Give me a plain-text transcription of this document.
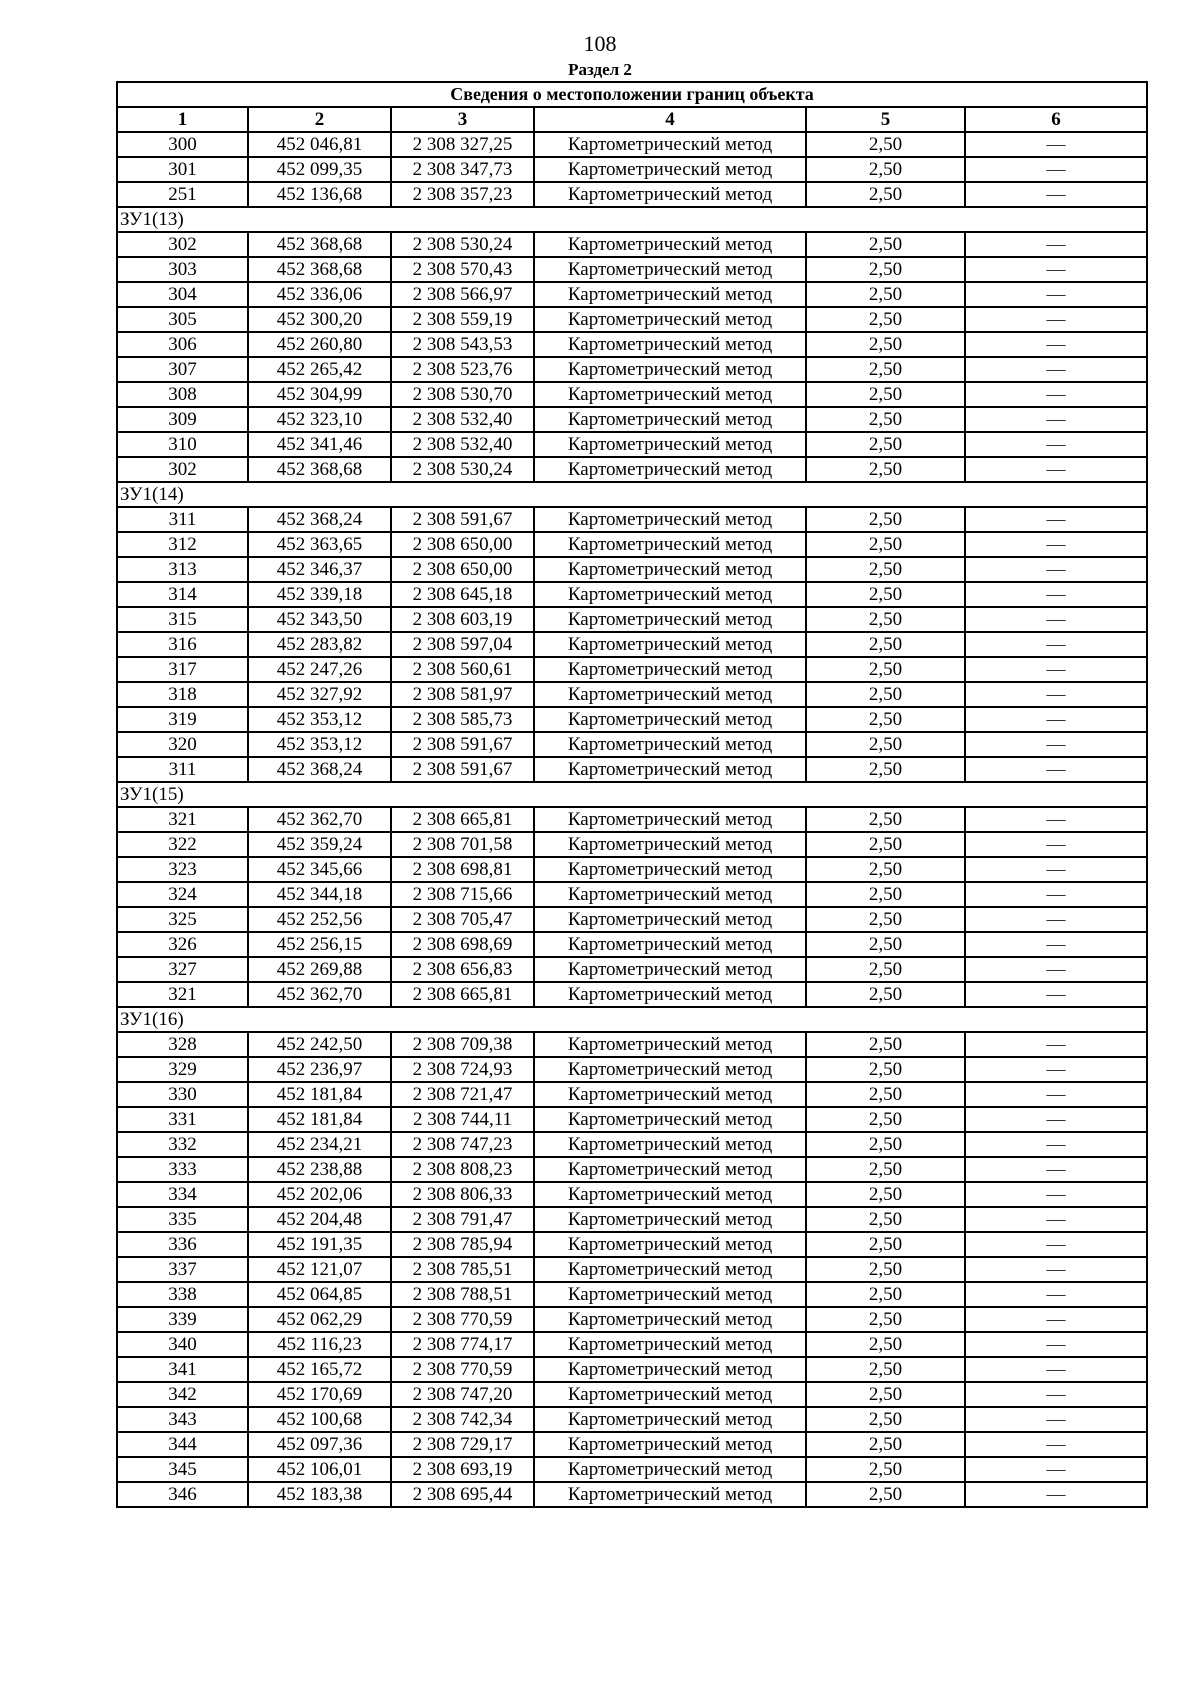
108
Раздел 2
Сведения о местоположении границ объекта					
1	2	3	4	5	6
300	452 046,81	2 308 327,25	Картометрический метод	2,50	—
301	452 099,35	2 308 347,73	Картометрический метод	2,50	—
251	452 136,68	2 308 357,23	Картометрический метод	2,50	—
ЗУ1(13)					
302	452 368,68	2 308 530,24	Картометрический метод	2,50	—
303	452 368,68	2 308 570,43	Картометрический метод	2,50	—
304	452 336,06	2 308 566,97	Картометрический метод	2,50	—
305	452 300,20	2 308 559,19	Картометрический метод	2,50	—
306	452 260,80	2 308 543,53	Картометрический метод	2,50	—
307	452 265,42	2 308 523,76	Картометрический метод	2,50	—
308	452 304,99	2 308 530,70	Картометрический метод	2,50	—
309	452 323,10	2 308 532,40	Картометрический метод	2,50	—
310	452 341,46	2 308 532,40	Картометрический метод	2,50	—
302	452 368,68	2 308 530,24	Картометрический метод	2,50	—
ЗУ1(14)					
311	452 368,24	2 308 591,67	Картометрический метод	2,50	—
312	452 363,65	2 308 650,00	Картометрический метод	2,50	—
313	452 346,37	2 308 650,00	Картометрический метод	2,50	—
314	452 339,18	2 308 645,18	Картометрический метод	2,50	—
315	452 343,50	2 308 603,19	Картометрический метод	2,50	—
316	452 283,82	2 308 597,04	Картометрический метод	2,50	—
317	452 247,26	2 308 560,61	Картометрический метод	2,50	—
318	452 327,92	2 308 581,97	Картометрический метод	2,50	—
319	452 353,12	2 308 585,73	Картометрический метод	2,50	—
320	452 353,12	2 308 591,67	Картометрический метод	2,50	—
311	452 368,24	2 308 591,67	Картометрический метод	2,50	—
ЗУ1(15)					
321	452 362,70	2 308 665,81	Картометрический метод	2,50	—
322	452 359,24	2 308 701,58	Картометрический метод	2,50	—
323	452 345,66	2 308 698,81	Картометрический метод	2,50	—
324	452 344,18	2 308 715,66	Картометрический метод	2,50	—
325	452 252,56	2 308 705,47	Картометрический метод	2,50	—
326	452 256,15	2 308 698,69	Картометрический метод	2,50	—
327	452 269,88	2 308 656,83	Картометрический метод	2,50	—
321	452 362,70	2 308 665,81	Картометрический метод	2,50	—
ЗУ1(16)					
328	452 242,50	2 308 709,38	Картометрический метод	2,50	—
329	452 236,97	2 308 724,93	Картометрический метод	2,50	—
330	452 181,84	2 308 721,47	Картометрический метод	2,50	—
331	452 181,84	2 308 744,11	Картометрический метод	2,50	—
332	452 234,21	2 308 747,23	Картометрический метод	2,50	—
333	452 238,88	2 308 808,23	Картометрический метод	2,50	—
334	452 202,06	2 308 806,33	Картометрический метод	2,50	—
335	452 204,48	2 308 791,47	Картометрический метод	2,50	—
336	452 191,35	2 308 785,94	Картометрический метод	2,50	—
337	452 121,07	2 308 785,51	Картометрический метод	2,50	—
338	452 064,85	2 308 788,51	Картометрический метод	2,50	—
339	452 062,29	2 308 770,59	Картометрический метод	2,50	—
340	452 116,23	2 308 774,17	Картометрический метод	2,50	—
341	452 165,72	2 308 770,59	Картометрический метод	2,50	—
342	452 170,69	2 308 747,20	Картометрический метод	2,50	—
343	452 100,68	2 308 742,34	Картометрический метод	2,50	—
344	452 097,36	2 308 729,17	Картометрический метод	2,50	—
345	452 106,01	2 308 693,19	Картометрический метод	2,50	—
346	452 183,38	2 308 695,44	Картометрический метод	2,50	—
